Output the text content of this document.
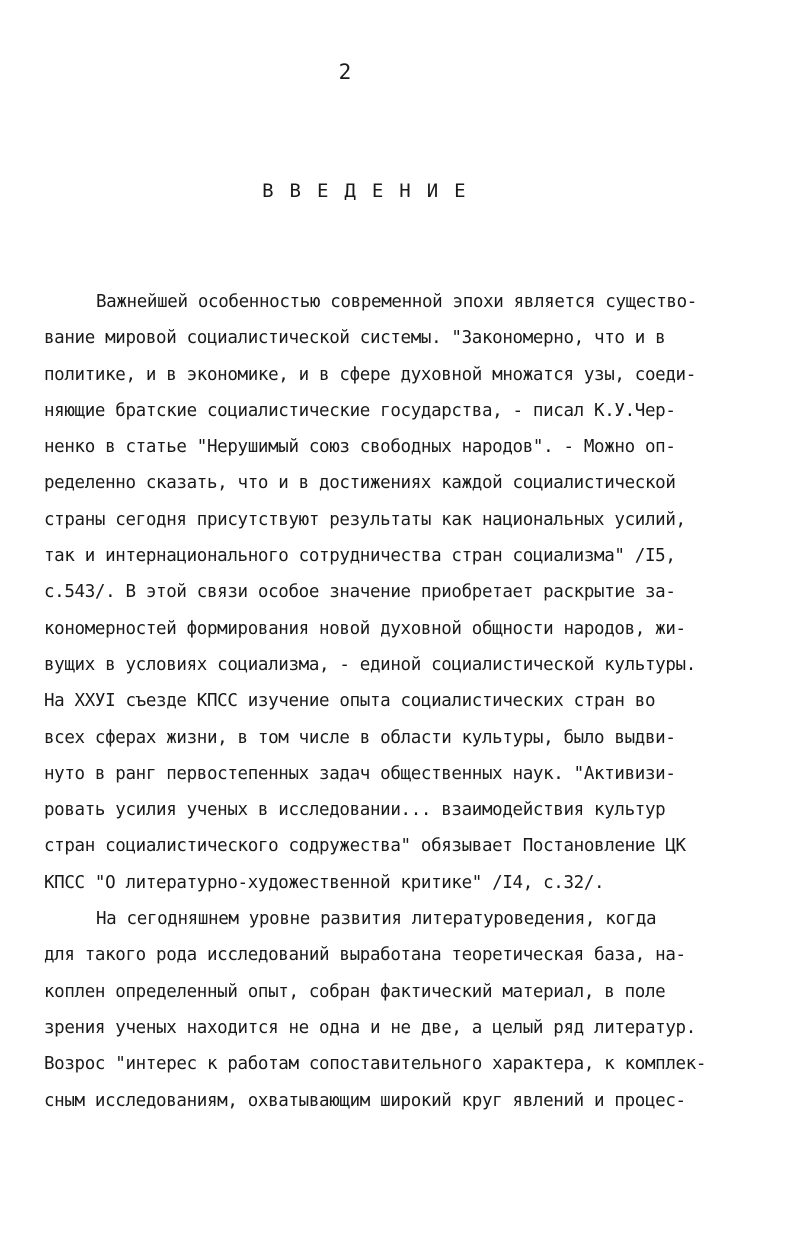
2
В В Е Д Е Н И Е
Важнейшей особенностью современной эпохи является существо-
вание мировой социалистической системы. "Закономерно, что и в
политике, и в экономике, и в сфере духовной множатся узы, соеди-
няющие братские социалистические государства, - писал К.У.Чер-
ненко в статье "Нерушимый союз свободных народов". - Можно оп-
ределенно сказать, что и в достижениях каждой социалистической
страны сегодня присутствуют результаты как национальных усилий,
так и интернационального сотрудничества стран социализма" /I5,
с.543/. В этой связи особое значение приобретает раскрытие за-
кономерностей формирования новой духовной общности народов, жи-
вущих в условиях социализма, - единой социалистической культуры.
На XXУI съезде КПСС изучение опыта социалистических стран во
всех сферах жизни, в том числе в области культуры, было выдви-
нуто в ранг первостепенных задач общественных наук. "Активизи-
ровать усилия ученых в исследовании... взаимодействия культур
стран социалистического содружества" обязывает Постановление ЦК
КПСС "О литературно-художественной критике" /I4, с.32/.
На сегодняшнем уровне развития литературоведения, когда
для такого рода исследований выработана теоретическая база, на-
коплен определенный опыт, собран фактический материал, в поле
зрения ученых находится не одна и не две, а целый ряд литератур.
Возрос "интерес к работам сопоставительного характера, к комплек-
сным исследованиям, охватывающим широкий круг явлений и процес-
